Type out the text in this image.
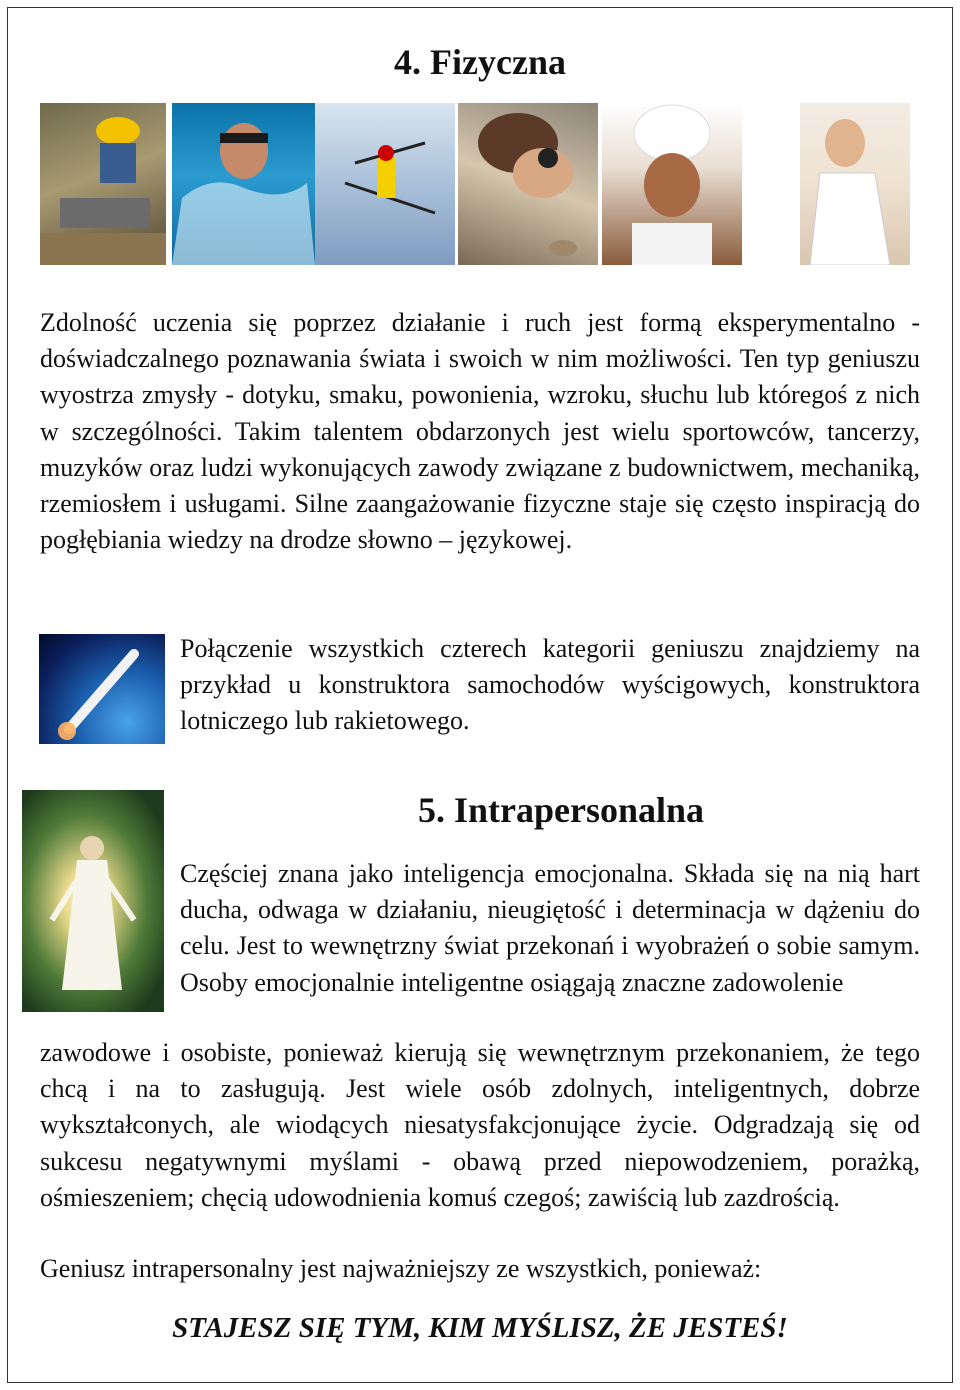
4. Fizyczna
Zdolność uczenia się poprzez działanie i ruch jest formą eksperymentalno - doświadczalnego poznawania świata i swoich w nim możliwości. Ten typ geniuszu wyostrza zmysły - dotyku, smaku, powonienia, wzroku, słuchu lub któregoś z nich w szczególności. Takim talentem obdarzonych jest wielu sportowców, tancerzy, muzyków oraz ludzi wykonujących zawody związane z budownictwem, mechaniką, rzemiosłem i usługami. Silne zaangażowanie fizyczne staje się często inspiracją do pogłębiania wiedzy na drodze słowno – językowej.
Połączenie wszystkich czterech kategorii geniuszu znajdziemy na przykład u konstruktora samochodów wyścigowych, konstruktora lotniczego lub rakietowego.
5. Intrapersonalna
Częściej znana jako inteligencja emocjonalna. Składa się na nią hart ducha, odwaga w działaniu, nieugiętość i determinacja w dążeniu do celu. Jest to wewnętrzny świat przekonań i wyobrażeń o sobie samym. Osoby emocjonalnie inteligentne osiągają znaczne zadowolenie
zawodowe i osobiste, ponieważ kierują się wewnętrznym przekonaniem, że tego chcą i na to zasługują. Jest wiele osób zdolnych, inteligentnych, dobrze wykształconych, ale wiodących niesatysfakcjonujące życie. Odgradzają się od sukcesu negatywnymi myślami - obawą przed niepowodzeniem, porażką, ośmieszeniem; chęcią udowodnienia komuś czegoś; zawiścią lub zazdrością.
Geniusz intrapersonalny jest najważniejszy ze wszystkich, ponieważ:
STAJESZ SIĘ TYM, KIM MYŚLISZ, ŻE JESTEŚ!
